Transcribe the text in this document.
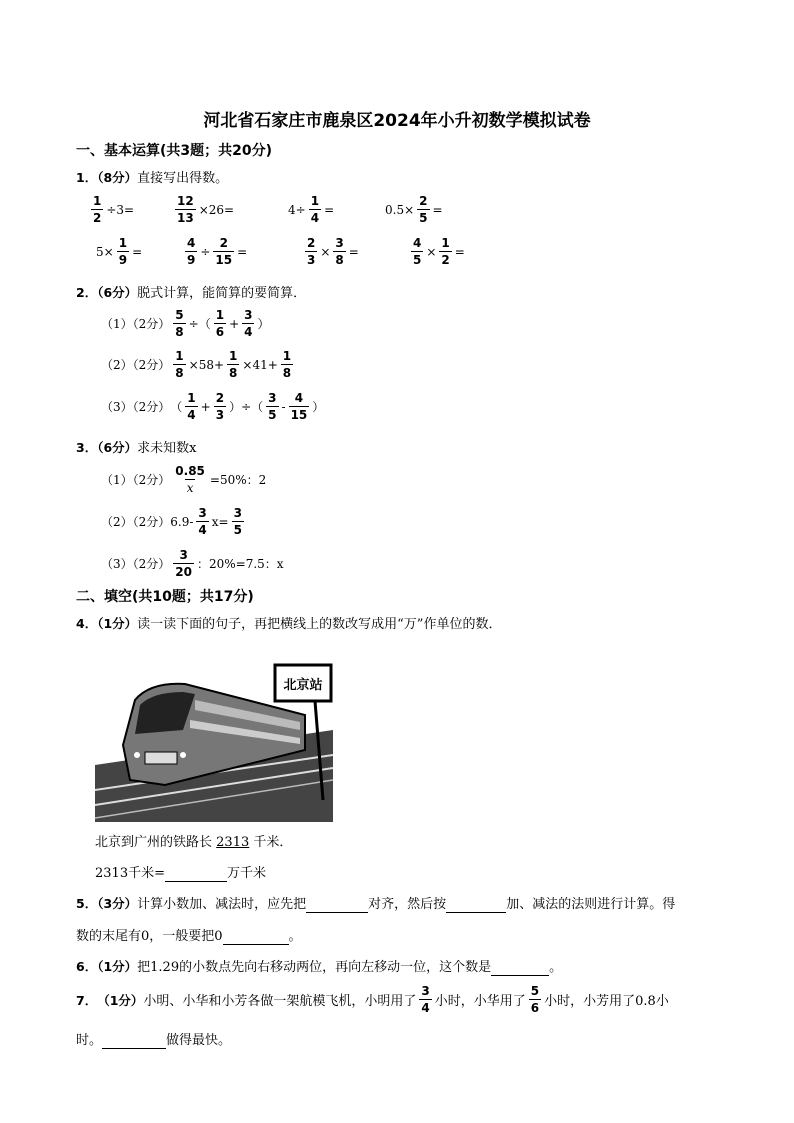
河北省石家庄市鹿泉区2024年小升初数学模拟试卷
一、基本运算(共3题；共20分)
1．（8分）直接写出得数。
$\frac{1}{2} \div 3=$	$\frac{12}{13} \times 26=$	$4\div \frac{1}{4}$ =	$0.5\times \frac{2}{5}$ =
$5\times \frac{1}{9}$ =	$\frac{4}{9} \div \frac{2}{15}$ =	$\frac{2}{3} \times \frac{3}{8}$ =	$\frac{4}{5} \times \frac{1}{2}$ =
2．（6分）脱式计算，能简算的要简算．
（1）（2分） $\frac{5}{8}$ ÷（ $\frac{1}{6} + \frac{3}{4}$ ）
（2）（2分） $\frac{1}{8} \times 58+ \frac{1}{8} \times 41+ \frac{1}{8}$
（3）（2分） （ $\frac{1}{4} + \frac{2}{3}$ ）÷（ $\frac{3}{5} - \frac{4}{15}$ ）
3．（6分）求未知数x
（1）（2分） $\frac{0.85}{x} =50\%$：2
（2）（2分） $6.9- \frac{3}{4} x= \frac{3}{5}$
（3）（2分） $\frac{3}{20}$ ：20%=7.5：x
二、填空(共10题；共17分)
4．（1分）读一读下面的句子，再把横线上的数改写成用“万”作单位的数．
北京站
北京到广州的铁路长 2313 千米．
2313千米=	万千米
5．（3分）计算小数加、减法时，应先把	对齐，然后按	加、减法的法则进行计算。得
数的末尾有0，一般要把0	。
6．（1分）把1.29的小数点先向右移动两位，再向左移动一位，这个数是	。
7． （1分） 小明、小华和小芳各做一架航模飞机，小明用了 $\frac{3}{4}$ 小时，小华用了 $\frac{5}{6}$ 小时，小芳用了0.8小
时。	做得最快。
